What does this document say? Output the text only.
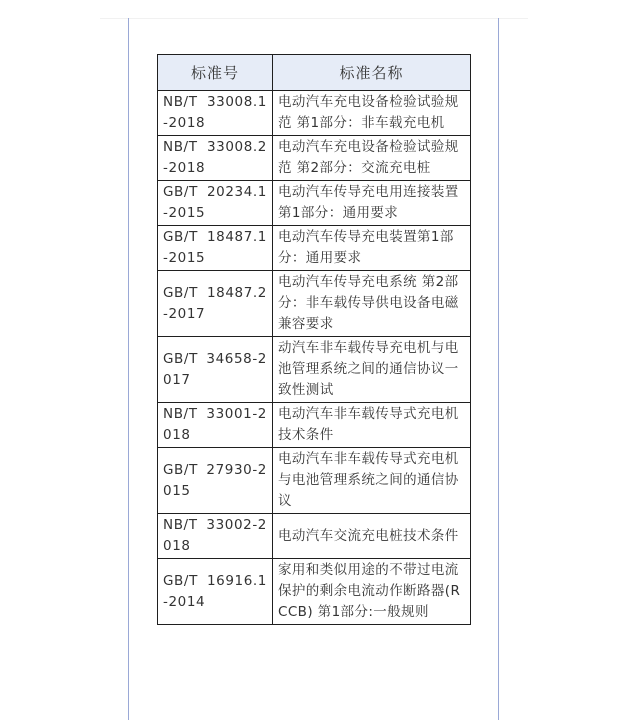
标准号	标准名称
NB/T 33008.1-2018	电动汽车充电设备检验试验规范 第1部分：非车载充电机
NB/T 33008.2-2018	电动汽车充电设备检验试验规范 第2部分：交流充电桩
GB/T 20234.1-2015	电动汽车传导充电用连接装置 第1部分：通用要求
GB/T 18487.1-2015	电动汽车传导充电装置第1部分：通用要求
GB/T 18487.2-2017	电动汽车传导充电系统 第2部分：非车载传导供电设备电磁兼容要求
GB/T 34658-2017	动汽车非车载传导充电机与电池管理系统之间的通信协议一致性测试
NB/T 33001-2018	电动汽车非车载传导式充电机技术条件
GB/T 27930-2015	电动汽车非车载传导式充电机与电池管理系统之间的通信协议
NB/T 33002-2018	电动汽车交流充电桩技术条件
GB/T 16916.1-2014	家用和类似用途的不带过电流保护的剩余电流动作断路器(RCCB) 第1部分:一般规则
